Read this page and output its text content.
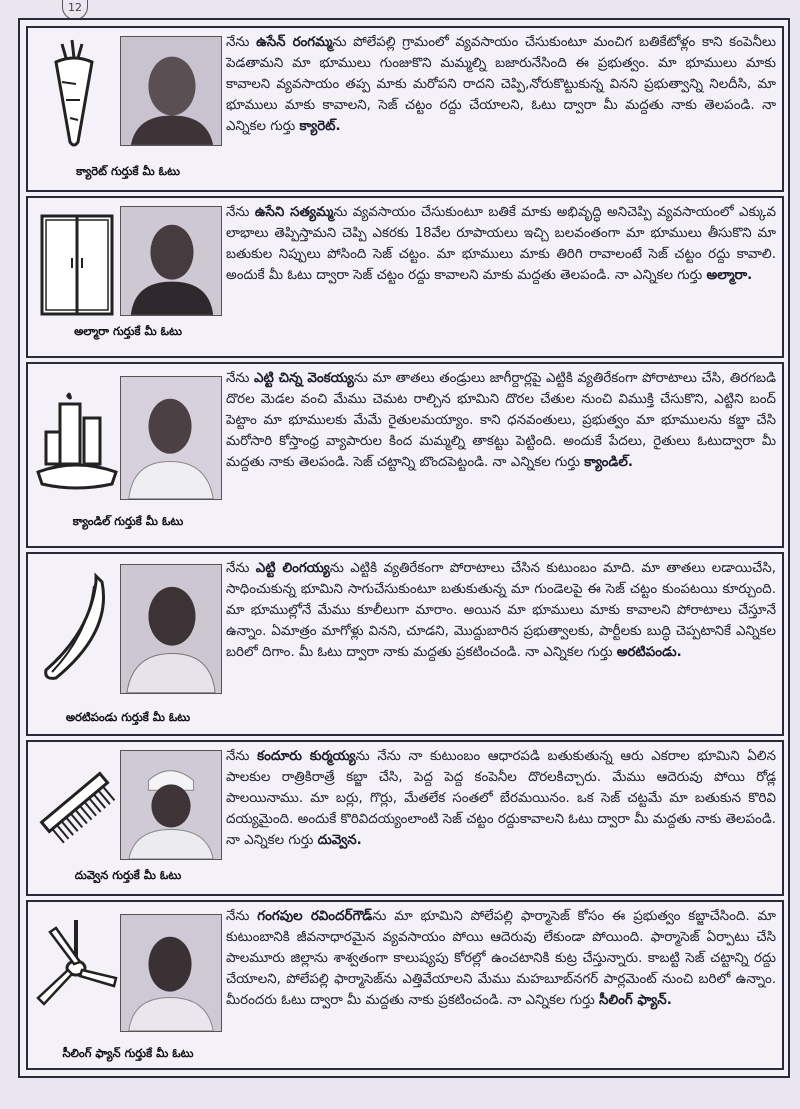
12
క్యారెట్ గుర్తుకే మీ ఓటు
నేను ఉసేన్ రంగమ్మను పోలేపల్లి గ్రామంలో వ్యవసాయం చేసుకుంటూ మంచిగ బతికేటోళ్లం కాని కంపెనీలు పెడతామని మా భూములు గుంజుకొని మమ్మల్ని బజారునేసింది ఈ ప్రభుత్వం. మా భూములు మాకు కావాలని వ్యవసాయం తప్ప మాకు మరోపని రాదని చెప్పి,నోరుకొట్టుకున్న వినని ప్రభుత్వాన్ని నిలదీసి, మా భూములు మాకు కావాలని, సెజ్ చట్టం రద్దు చేయాలని, ఓటు ద్వారా మీ మద్దతు నాకు తెలపండి. నా ఎన్నికల గుర్తు క్యారెట్.
అల్మారా గుర్తుకే మీ ఓటు
నేను ఉసేని సత్యమ్మను వ్యవసాయం చేసుకుంటూ బతికే మాకు అభివృద్ధి అనిచెప్పి వ్యవసాయంలో ఎక్కువ లాభాలు తెప్పిస్తామని చెప్పి ఎకరకు 18వేల రూపాయలు ఇచ్చి బలవంతంగా మా భూములు తీసుకొని మా బతుకుల నిప్పులు పోసింది సెజ్ చట్టం. మా భూములు మాకు తిరిగి రావాలంటే సెజ్ చట్టం రద్దు కావాలి. అందుకే మీ ఓటు ద్వారా సెజ్ చట్టం రద్దు కావాలని మాకు మద్దతు తెలపండి. నా ఎన్నికల గుర్తు అల్మారా.
క్యాండిల్ గుర్తుకే మీ ఓటు
నేను ఎట్టి చిన్న వెంకయ్యను మా తాతలు తండ్రులు జాగీర్దార్లపై ఎట్టికి వ్యతిరేకంగా పోరాటాలు చేసి, తిరగబడి దొరల మెడల వంచి మేము చెమట రాల్చిన భూమిని దొరల చేతుల నుంచి విముక్తి చేసుకొని, ఎట్టిని బంద్ పెట్టాం మా భూములకు మేమే రైతులమయ్యాం. కాని ధనవంతులు, ప్రభుత్వం మా భూములను కబ్జా చేసి మరోసారి కోస్తాంధ్ర వ్యాపారుల కింద మమ్మల్ని తాకట్టు పెట్టింది. అందుకే పేదలు, రైతులు ఓటుద్వారా మీ మద్దతు నాకు తెలపండి. సెజ్ చట్టాన్ని బొందపెట్టండి. నా ఎన్నికల గుర్తు క్యాండిల్.
అరటిపండు గుర్తుకే మీ ఓటు
నేను ఎట్టి లింగయ్యను ఎట్టికి వ్యతిరేకంగా పోరాటాలు చేసిన కుటుంబం మాది. మా తాతలు లడాయిచేసి, సాధించుకున్న భూమిని సాగుచేసుకుంటూ బతుకుతున్న మా గుండెలపై ఈ సెజ్ చట్టం కుంపటయి కూర్చుంది. మా భూముల్లోనే మేము కూలీలుగా మారాం. అయిన మా భూములు మాకు కావాలని పోరాటాలు చేస్తూనే ఉన్నాం. ఏమాత్రం మాగోళ్లు వినని, చూడని, మొద్దుబారిన ప్రభుత్వాలకు, పార్టీలకు బుద్ధి చెప్పటానికే ఎన్నికల బరిలో దిగాం. మీ ఓటు ద్వారా నాకు మద్దతు ప్రకటించండి. నా ఎన్నికల గుర్తు అరటిపండు.
దువ్వెన గుర్తుకే మీ ఓటు
నేను కందూరు కుర్మయ్యను నేను నా కుటుంబం ఆధారపడి బతుకుతున్న ఆరు ఎకరాల భూమిని ఏలిన పాలకుల రాత్రికిరాత్రే కబ్జా చేసి, పెద్ద పెద్ద కంపెనీల దొరలకిచ్చారు. మేము ఆదెరువు పోయి రోడ్ల పాలయినాము. మా బర్లు, గొర్లు, మేతలేక సంతలో బేరమయినం. ఒక సెజ్ చట్టమే మా బతుకున కొరివి దయ్యమైంది. అందుకే కొరివిదయ్యంలాంటి సెజ్ చట్టం రద్దుకావాలని ఓటు ద్వారా మీ మద్దతు నాకు తెలపండి. నా ఎన్నికల గుర్తు దువ్వెన.
సీలింగ్ ఫ్యాన్ గుర్తుకే మీ ఓటు
నేను గంగపుల రవిందర్‌గౌడ్ను మా భూమిని పోలేపల్లి ఫార్మాసెజ్ కోసం ఈ ప్రభుత్వం కబ్జాచేసింది. మా కుటుంబానికి జీవనాధారమైన వ్యవసాయం పోయి ఆదెరువు లేకుండా పోయింది. ఫార్మాసెజ్ ఏర్పాటు చేసి పాలమూరు జిల్లాను శాశ్వతంగా కాలుష్యపు కోరల్లో ఉంచటానికి కుట్ర చేస్తున్నారు. కాబట్టి సెజ్ చట్టాన్ని రద్దు చేయాలని, పోలేపల్లి ఫార్మాసెజ్‌ను ఎత్తివేయాలని మేము మహబూబ్‌నగర్ పార్లమెంట్ నుంచి బరిలో ఉన్నాం. మీరందరు ఓటు ద్వారా మీ మద్దతు నాకు ప్రకటించండి. నా ఎన్నికల గుర్తు సీలింగ్ ఫ్యాన్.
